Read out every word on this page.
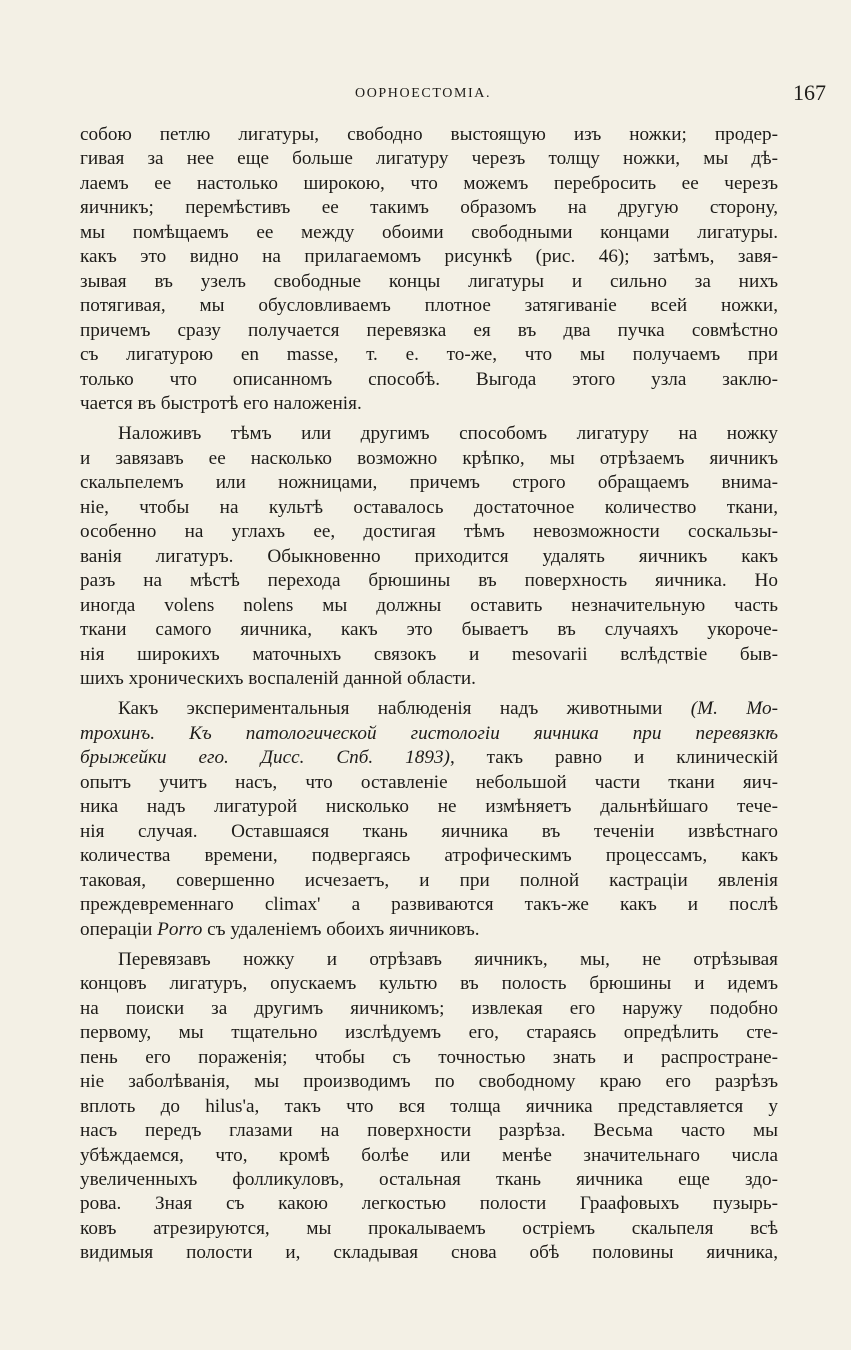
ООРНОЕСТОМІА.	167
собою петлю лигатуры, свободно выстоящую изъ ножки; продер-
гивая за нее еще больше лигатуру черезъ толщу ножки, мы дѣ-
лаемъ ее настолько широкою, что можемъ перебросить ее черезъ
яичникъ; перемѣстивъ ее такимъ образомъ на другую сторону,
мы помѣщаемъ ее между обоими свободными концами лигатуры.
какъ это видно на прилагаемомъ рисункѣ (рис. 46); затѣмъ, завя-
зывая въ узелъ свободные концы лигатуры и сильно за нихъ
потягивая, мы обусловливаемъ плотное затягиваніе всей ножки,
причемъ сразу получается перевязка ея въ два пучка совмѣстно
съ лигатурою en masse, т. е. то-же, что мы получаемъ при
только что описанномъ способѣ. Выгода этого узла заклю-
чается въ быстротѣ его наложенія.
Наложивъ тѣмъ или другимъ способомъ лигатуру на ножку
и завязавъ ее насколько возможно крѣпко, мы отрѣзаемъ яичникъ
скальпелемъ или ножницами, причемъ строго обращаемъ внима-
ніе, чтобы на культѣ оставалось достаточное количество ткани,
особенно на углахъ ее, достигая тѣмъ невозможности соскальзы-
ванія лигатуръ. Обыкновенно приходится удалять яичникъ какъ
разъ на мѣстѣ перехода брюшины въ поверхность яичника. Но
иногда volens nolens мы должны оставить незначительную часть
ткани самого яичника, какъ это бываетъ въ случаяхъ укороче-
нія широкихъ маточныхъ связокъ и mesovarii вслѣдствіе быв-
шихъ хроническихъ воспаленій данной области.
Какъ экспериментальныя наблюденія надъ животными (М. Мо-
трохинъ. Къ патологической гистологіи яичника при перевязкѣ
брыжейки его. Дисс. Спб. 1893), такъ равно и клиническій
опытъ учитъ насъ, что оставленіе небольшой части ткани яич-
ника надъ лигатурой нисколько не измѣняетъ дальнѣйшаго тече-
нія случая. Оставшаяся ткань яичника въ теченіи извѣстнаго
количества времени, подвергаясь атрофическимъ процессамъ, какъ
таковая, совершенно исчезаетъ, и при полной кастраціи явленія
преждевременнаго climax' а развиваются такъ-же какъ и послѣ
операціи Porro съ удаленіемъ обоихъ яичниковъ.
Перевязавъ ножку и отрѣзавъ яичникъ, мы, не отрѣзывая
концовъ лигатуръ, опускаемъ культю въ полость брюшины и идемъ
на поиски за другимъ яичникомъ; извлекая его наружу подобно
первому, мы тщательно изслѣдуемъ его, стараясь опредѣлить сте-
пень его пораженія; чтобы съ точностью знать и распростране-
ніе заболѣванія, мы производимъ по свободному краю его разрѣзъ
вплоть до hilus'а, такъ что вся толща яичника представляется у
насъ передъ глазами на поверхности разрѣза. Весьма часто мы
убѣждаемся, что, кромѣ болѣе или менѣе значительнаго числа
увеличенныхъ фолликуловъ, остальная ткань яичника еще здо-
рова. Зная съ какою легкостью полости Граафовыхъ пузырь-
ковъ атрезируются, мы прокалываемъ остріемъ скальпеля всѣ
видимыя полости и, складывая снова обѣ половины яичника,
